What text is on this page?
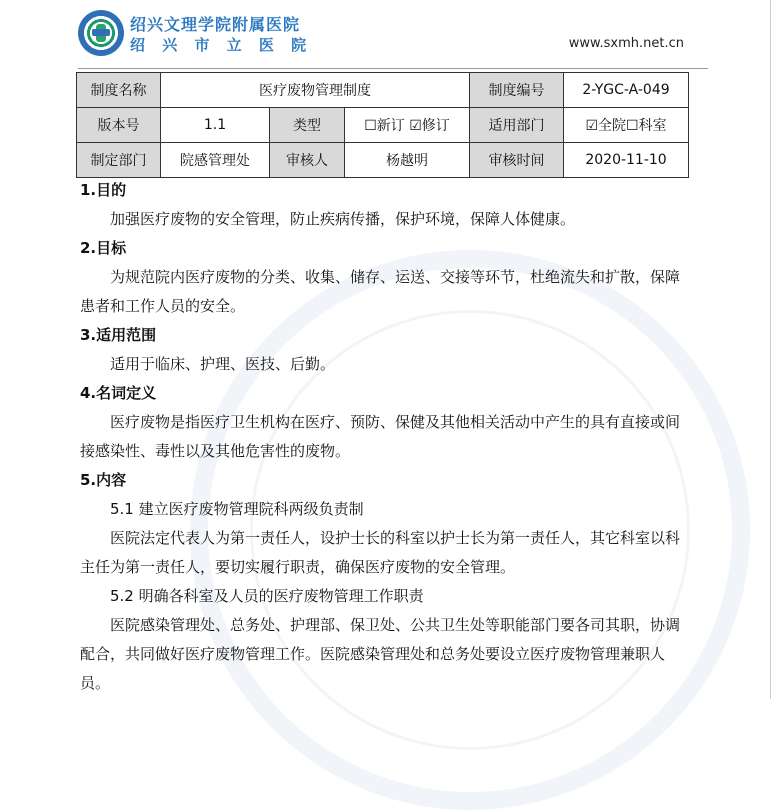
绍兴文理学院附属医院
绍 兴 市 立 医 院	www.sxmh.net.cn
制度名称	医疗废物管理制度			制度编号	2-YGC-A-049
版本号	1.1	类型	☐新订 ☑修订	适用部门	☑全院☐科室
制定部门	院感管理处	审核人	杨越明	审核时间	2020-11-10
1.目的
加强医疗废物的安全管理，防止疾病传播，保护环境，保障人体健康。
2.目标
为规范院内医疗废物的分类、收集、储存、运送、交接等环节，杜绝流失和扩散，保障患者和工作人员的安全。
3.适用范围
适用于临床、护理、医技、后勤。
4.名词定义
医疗废物是指医疗卫生机构在医疗、预防、保健及其他相关活动中产生的具有直接或间接感染性、毒性以及其他危害性的废物。
5.内容
5.1 建立医疗废物管理院科两级负责制
医院法定代表人为第一责任人，设护士长的科室以护士长为第一责任人，其它科室以科主任为第一责任人，要切实履行职责，确保医疗废物的安全管理。
5.2 明确各科室及人员的医疗废物管理工作职责
医院感染管理处、总务处、护理部、保卫处、公共卫生处等职能部门要各司其职，协调配合，共同做好医疗废物管理工作。医院感染管理处和总务处要设立医疗废物管理兼职人员。
